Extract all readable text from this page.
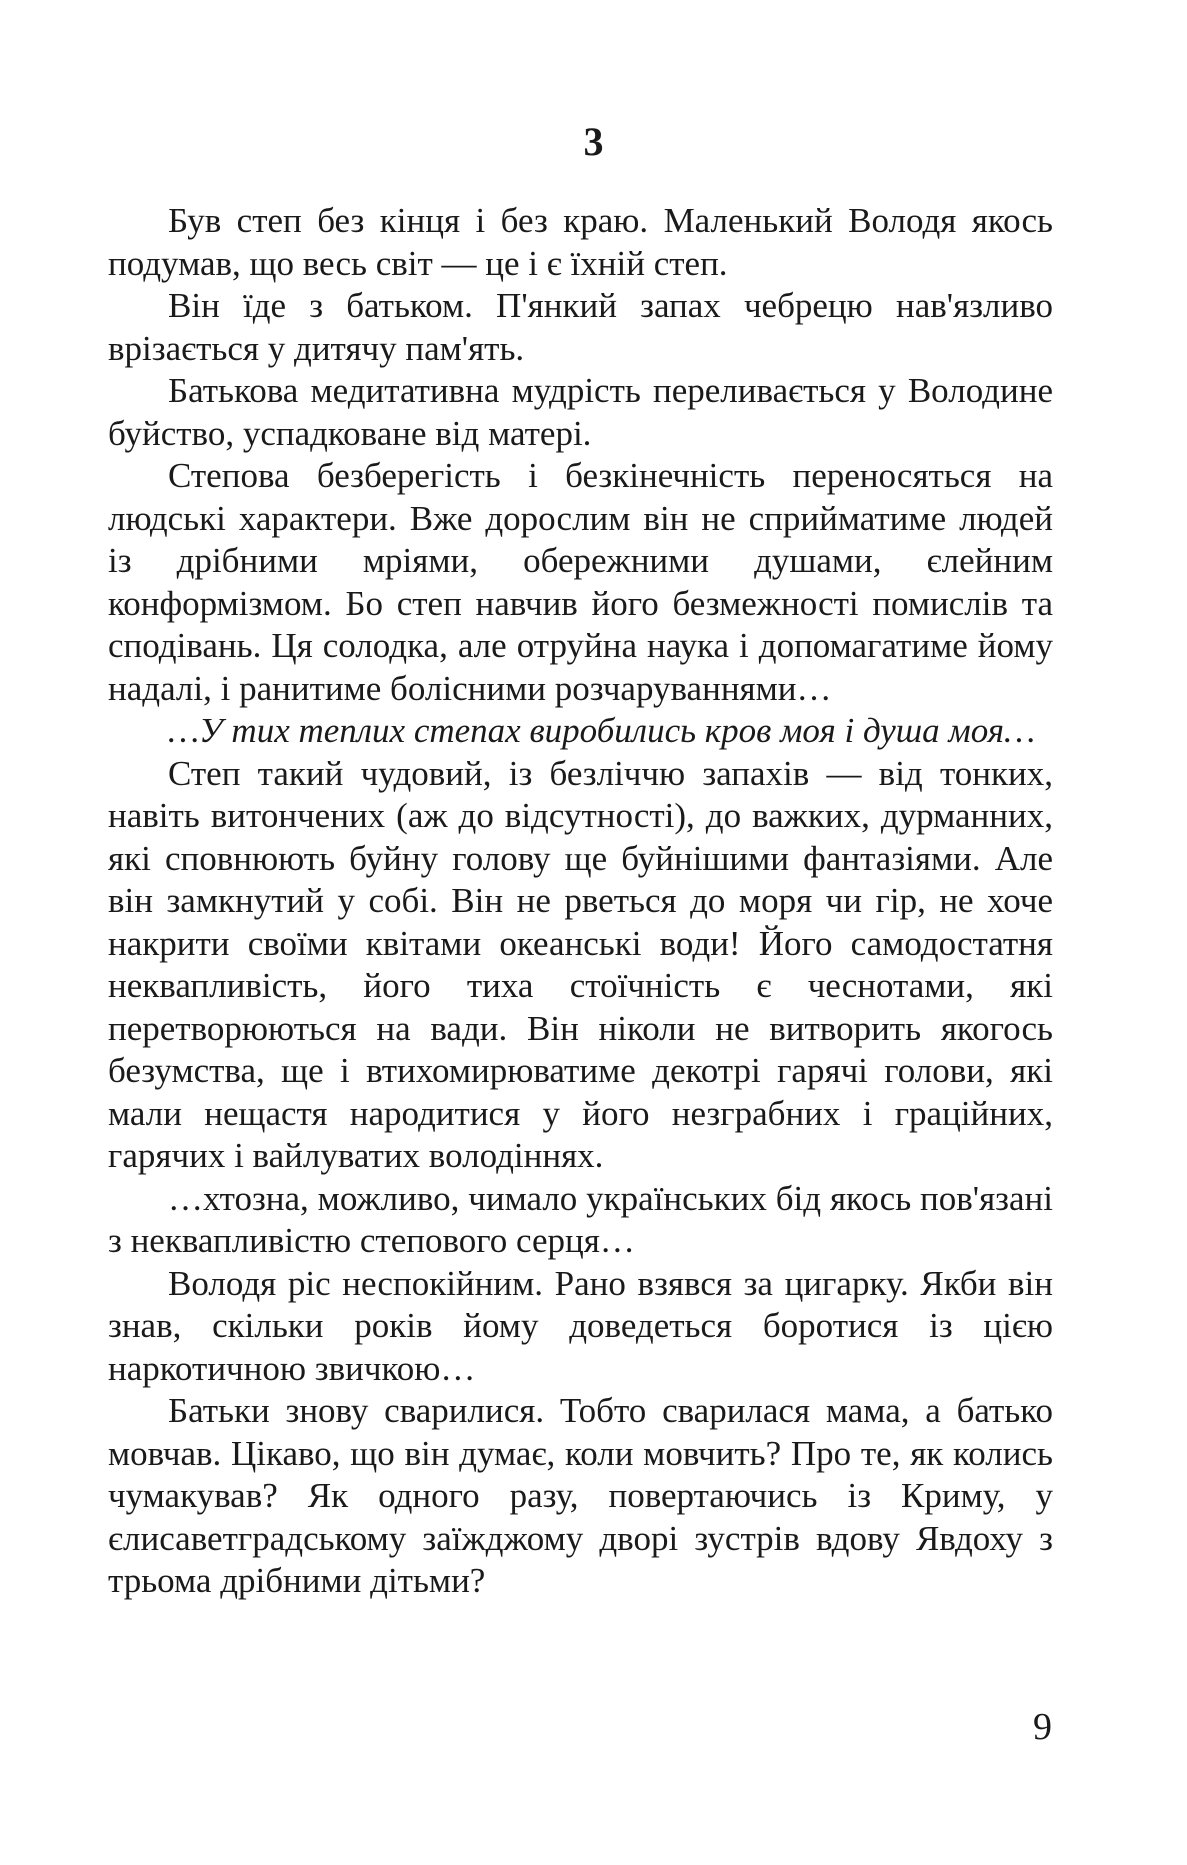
3

Був степ без кінця і без краю. Маленький Володя якось подумав, що весь світ — це і є їхній степ.

Він їде з батьком. П'янкий запах чебрецю нав'язливо врізається у дитячу пам'ять.

Батькова медитативна мудрість переливається у Володине буйство, успадковане від матері.

Степова безберегість і безкінечність переносяться на людські характери. Вже дорослим він не сприйматиме людей із дрібними мріями, обережними душами, єлейним конформізмом. Бо степ навчив його безмежності помислів та сподівань. Ця солодка, але отруйна наука і допомагатиме йому надалі, і ранитиме болісними розчаруваннями…

…У тих теплих степах виробились кров моя і душа моя…

Степ такий чудовий, із безліччю запахів — від тонких, навіть витончених (аж до відсутності), до важких, дурманних, які сповнюють буйну голову ще буйнішими фантазіями. Але він замкнутий у собі. Він не рветься до моря чи гір, не хоче накрити своїми квітами океанські води! Його самодостатня неквапливість, його тиха стоїчність є чеснотами, які перетворюються на вади. Він ніколи не витворить якогось безумства, ще і втихомирюватиме декотрі гарячі голови, які мали нещастя народитися у його незграбних і граційних, гарячих і вайлуватих володіннях.

…хтозна, можливо, чимало українських бід якось пов'язані з неквапливістю степового серця…

Володя ріс неспокійним. Рано взявся за цигарку. Якби він знав, скільки років йому доведеться боротися із цією наркотичною звичкою…

Батьки знову сварилися. Тобто сварилася мама, а батько мовчав. Цікаво, що він думає, коли мовчить? Про те, як колись чумакував? Як одного разу, повертаючись із Криму, у єлисаветградському заїжджому дворі зустрів вдову Явдоху з трьома дрібними дітьми?

9
